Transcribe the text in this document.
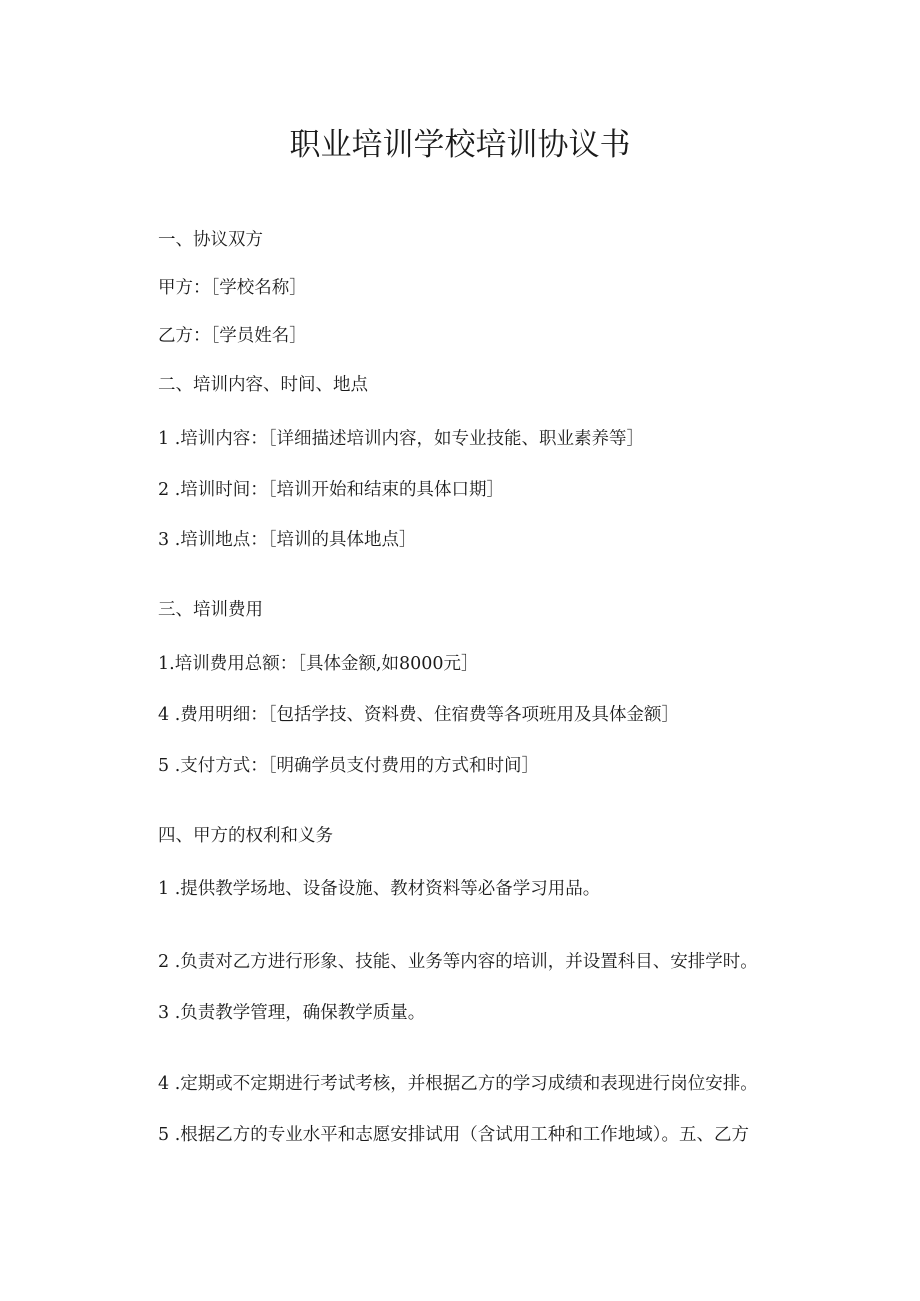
职业培训学校培训协议书

一、协议双方

甲方：［学校名称］

乙方：［学员姓名］

二、培训内容、时间、地点

1 .培训内容：［详细描述培训内容，如专业技能、职业素养等］

2 .培训时间：［培训开始和结束的具体口期］

3 .培训地点：［培训的具体地点］

三、培训费用

1.培训费用总额：［具体金额,如8000元］

4 .费用明细：［包括学技、资料费、住宿费等各项班用及具体金额］

5 .支付方式：［明确学员支付费用的方式和时间］

四、甲方的权利和义务

1 .提供教学场地、设备设施、教材资料等必备学习用品。

2 .负责对乙方进行形象、技能、业务等内容的培训，并设置科目、安排学时。

3 .负责教学管理，确保教学质量。

4 .定期或不定期进行考试考核，并根据乙方的学习成绩和表现进行岗位安排。

5 .根据乙方的专业水平和志愿安排试用（含试用工种和工作地域）。五、乙方
